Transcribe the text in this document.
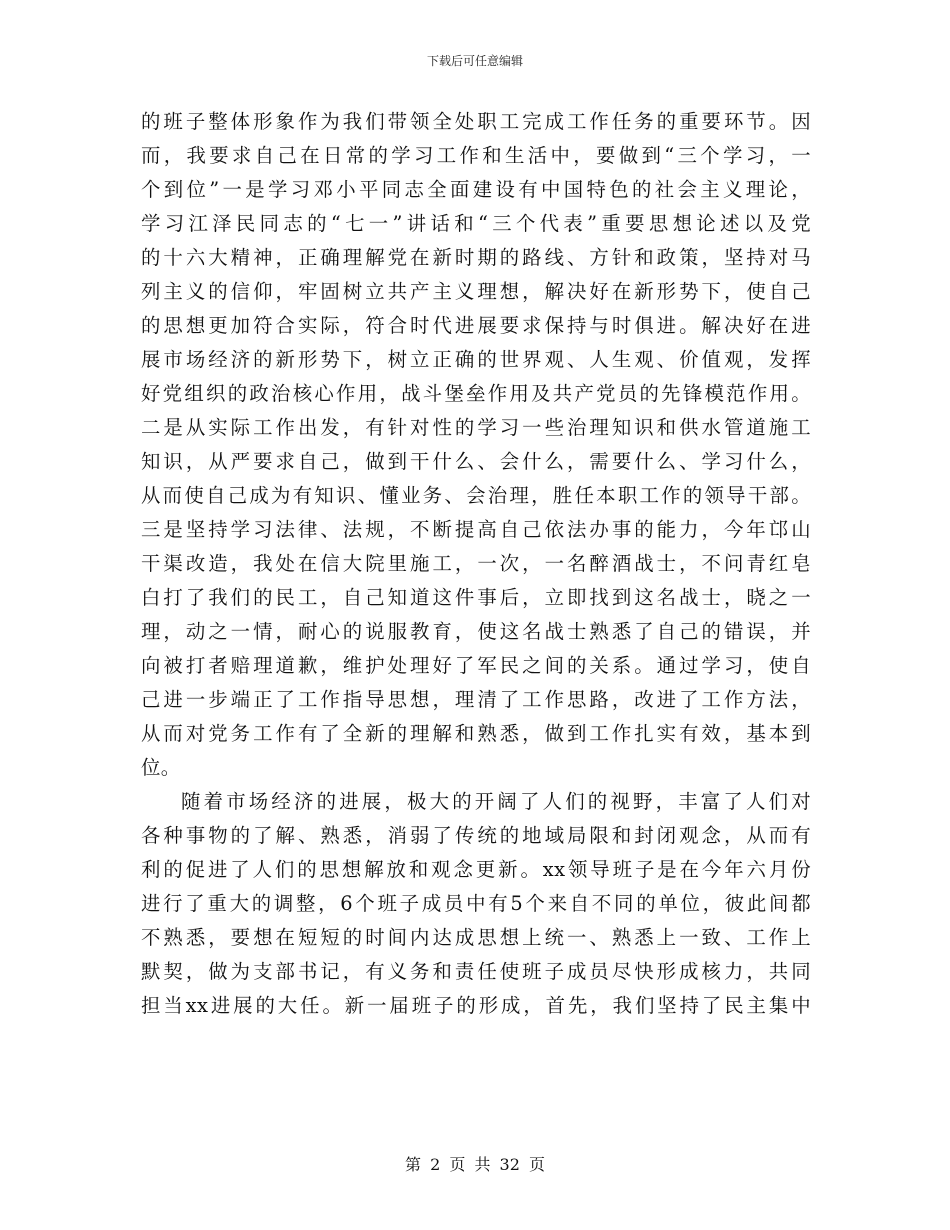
下载后可任意编辑
的班子整体形象作为我们带领全处职工完成工作任务的重要环节。因
而，我要求自己在日常的学习工作和生活中，要做到“三个学习，一
个到位”一是学习邓小平同志全面建设有中国特色的社会主义理论，
学习江泽民同志的“七一”讲话和“三个代表”重要思想论述以及党
的十六大精神，正确理解党在新时期的路线、方针和政策，坚持对马
列主义的信仰，牢固树立共产主义理想，解决好在新形势下，使自己
的思想更加符合实际，符合时代进展要求保持与时俱进。解决好在进
展市场经济的新形势下，树立正确的世界观、人生观、价值观，发挥
好党组织的政治核心作用，战斗堡垒作用及共产党员的先锋模范作用。
二是从实际工作出发，有针对性的学习一些治理知识和供水管道施工
知识，从严要求自己，做到干什么、会什么，需要什么、学习什么，
从而使自己成为有知识、懂业务、会治理，胜任本职工作的领导干部。
三是坚持学习法律、法规，不断提高自己依法办事的能力，今年邙山
干渠改造，我处在信大院里施工，一次，一名醉酒战士，不问青红皂
白打了我们的民工，自己知道这件事后，立即找到这名战士，晓之一
理，动之一情，耐心的说服教育，使这名战士熟悉了自己的错误，并
向被打者赔理道歉，维护处理好了军民之间的关系。通过学习，使自
己进一步端正了工作指导思想，理清了工作思路，改进了工作方法，
从而对党务工作有了全新的理解和熟悉，做到工作扎实有效，基本到
位。
随着市场经济的进展，极大的开阔了人们的视野，丰富了人们对
各种事物的了解、熟悉，消弱了传统的地域局限和封闭观念，从而有
利的促进了人们的思想解放和观念更新。xx领导班子是在今年六月份
进行了重大的调整，6个班子成员中有5个来自不同的单位，彼此间都
不熟悉，要想在短短的时间内达成思想上统一、熟悉上一致、工作上
默契，做为支部书记，有义务和责任使班子成员尽快形成核力，共同
担当xx进展的大任。新一届班子的形成，首先，我们坚持了民主集中
第 2 页 共 32 页
